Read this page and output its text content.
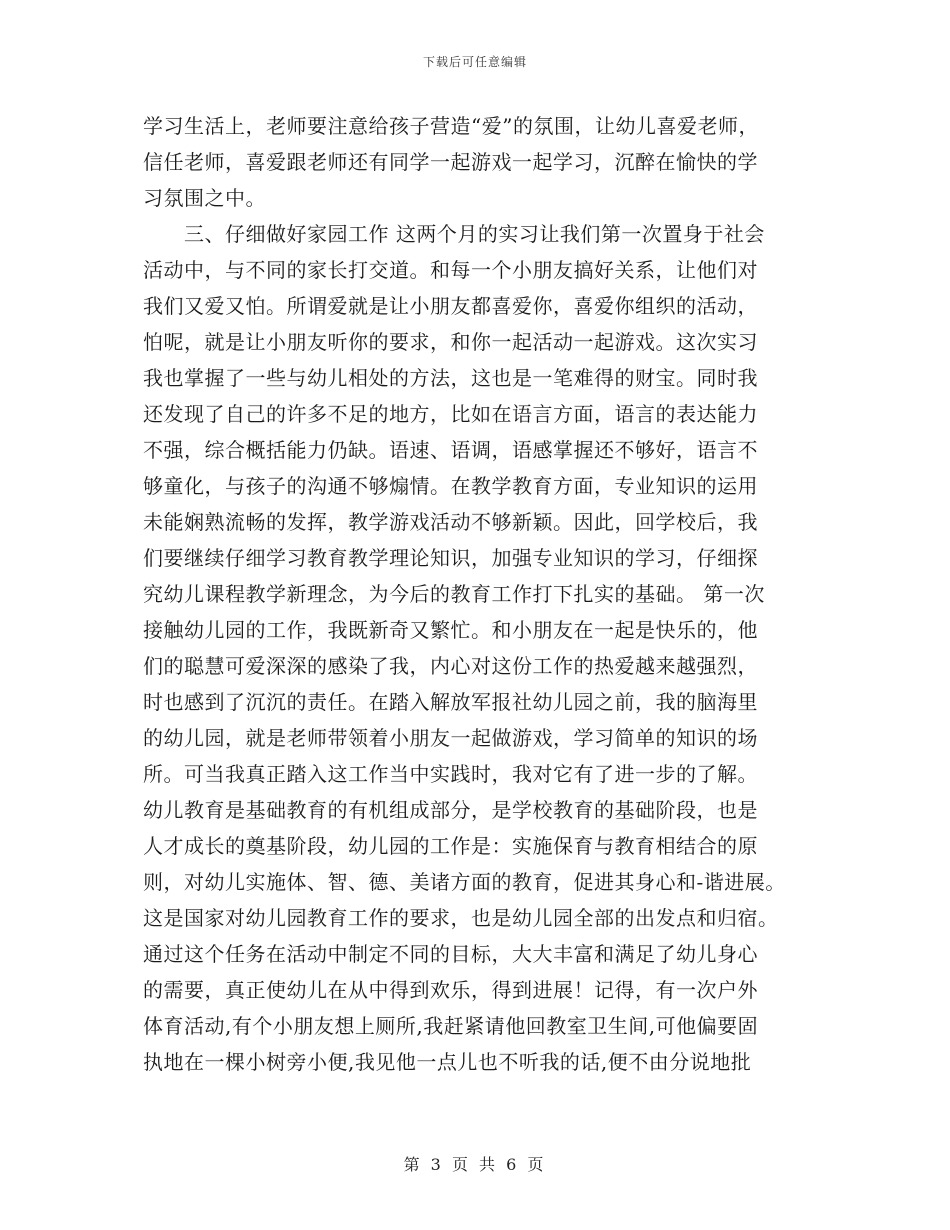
下载后可任意编辑
学习生活上，老师要注意给孩子营造“爱”的氛围，让幼儿喜爱老师，
信任老师，喜爱跟老师还有同学一起游戏一起学习，沉醉在愉快的学
习氛围之中。
　　三、仔细做好家园工作 这两个月的实习让我们第一次置身于社会
活动中，与不同的家长打交道。和每一个小朋友搞好关系，让他们对
我们又爱又怕。所谓爱就是让小朋友都喜爱你，喜爱你组织的活动，
怕呢，就是让小朋友听你的要求，和你一起活动一起游戏。这次实习
我也掌握了一些与幼儿相处的方法，这也是一笔难得的财宝。同时我
还发现了自己的许多不足的地方，比如在语言方面，语言的表达能力
不强，综合概括能力仍缺。语速、语调，语感掌握还不够好，语言不
够童化，与孩子的沟通不够煽情。在教学教育方面，专业知识的运用
未能娴熟流畅的发挥，教学游戏活动不够新颖。因此，回学校后，我
们要继续仔细学习教育教学理论知识，加强专业知识的学习，仔细探
究幼儿课程教学新理念，为今后的教育工作打下扎实的基础。 第一次
接触幼儿园的工作，我既新奇又繁忙。和小朋友在一起是快乐的，他
们的聪慧可爱深深的感染了我，内心对这份工作的热爱越来越强烈，
时也感到了沉沉的责任。在踏入解放军报社幼儿园之前，我的脑海里
的幼儿园，就是老师带领着小朋友一起做游戏，学习简单的知识的场
所。可当我真正踏入这工作当中实践时，我对它有了进一步的了解。
幼儿教育是基础教育的有机组成部分，是学校教育的基础阶段，也是
人才成长的奠基阶段，幼儿园的工作是：实施保育与教育相结合的原
则，对幼儿实施体、智、德、美诸方面的教育，促进其身心和-谐进展。
这是国家对幼儿园教育工作的要求，也是幼儿园全部的出发点和归宿。
通过这个任务在活动中制定不同的目标，大大丰富和满足了幼儿身心
的需要，真正使幼儿在从中得到欢乐，得到进展！记得，有一次户外
体育活动,有个小朋友想上厕所,我赶紧请他回教室卫生间,可他偏要固
执地在一棵小树旁小便,我见他一点儿也不听我的话,便不由分说地批
第 3 页 共 6 页
